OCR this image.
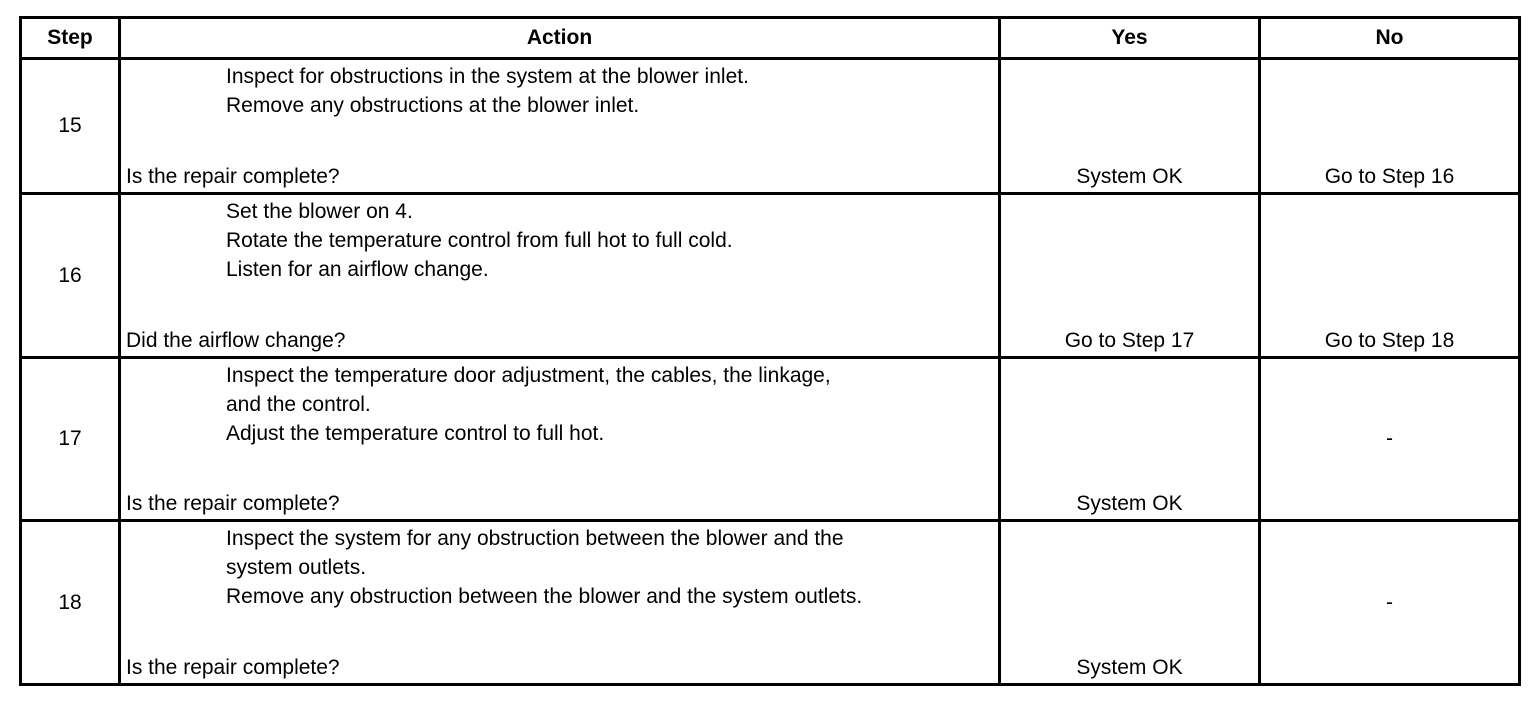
Step	Action	Yes	No
15	Inspect for obstructions in the system at the blower inlet.
Remove any obstructions at the blower inlet.
Is the repair complete?	System OK	Go to Step 16

16	Set the blower on 4.
Rotate the temperature control from full hot to full cold.
Listen for an airflow change.
Did the airflow change?	Go to Step 17	Go to Step 18

17	Inspect the temperature door adjustment, the cables, the linkage,
and the control.
Adjust the temperature control to full hot.
Is the repair complete?	System OK	-

18	Inspect the system for any obstruction between the blower and the
system outlets.
Remove any obstruction between the blower and the system outlets.
Is the repair complete?	System OK	-
